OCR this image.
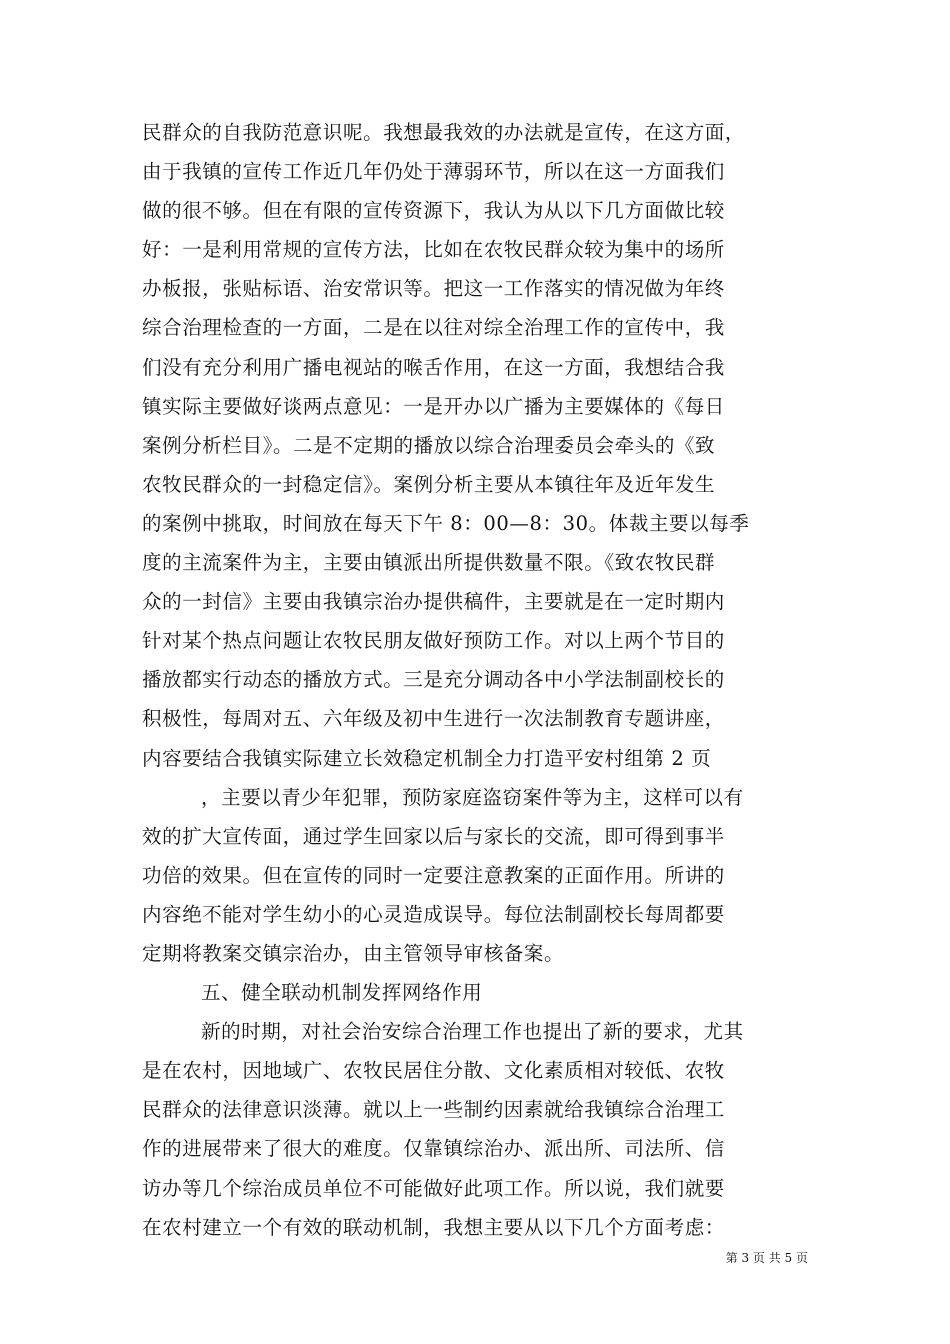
民群众的自我防范意识呢。我想最我效的办法就是宣传，在这方面，
由于我镇的宣传工作近几年仍处于薄弱环节，所以在这一方面我们
做的很不够。但在有限的宣传资源下，我认为从以下几方面做比较
好：一是利用常规的宣传方法，比如在农牧民群众较为集中的场所
办板报，张贴标语、治安常识等。把这一工作落实的情况做为年终
综合治理检查的一方面，二是在以往对综全治理工作的宣传中，我
们没有充分利用广播电视站的喉舌作用，在这一方面，我想结合我
镇实际主要做好谈两点意见：一是开办以广播为主要媒体的《每日
案例分析栏目》。二是不定期的播放以综合治理委员会牵头的《致
农牧民群众的一封稳定信》。案例分析主要从本镇往年及近年发生
的案例中挑取，时间放在每天下午 8：00—8：30。体裁主要以每季
度的主流案件为主，主要由镇派出所提供数量不限。《致农牧民群
众的一封信》主要由我镇宗治办提供稿件，主要就是在一定时期内
针对某个热点问题让农牧民朋友做好预防工作。对以上两个节目的
播放都实行动态的播放方式。三是充分调动各中小学法制副校长的
积极性，每周对五、六年级及初中生进行一次法制教育专题讲座，
内容要结合我镇实际建立长效稳定机制全力打造平安村组第 2 页
，主要以青少年犯罪，预防家庭盗窃案件等为主，这样可以有
效的扩大宣传面，通过学生回家以后与家长的交流，即可得到事半
功倍的效果。但在宣传的同时一定要注意教案的正面作用。所讲的
内容绝不能对学生幼小的心灵造成误导。每位法制副校长每周都要
定期将教案交镇宗治办，由主管领导审核备案。
五、健全联动机制发挥网络作用
新的时期，对社会治安综合治理工作也提出了新的要求，尤其
是在农村，因地域广、农牧民居住分散、文化素质相对较低、农牧
民群众的法律意识淡薄。就以上一些制约因素就给我镇综合治理工
作的进展带来了很大的难度。仅靠镇综治办、派出所、司法所、信
访办等几个综治成员单位不可能做好此项工作。所以说，我们就要
在农村建立一个有效的联动机制，我想主要从以下几个方面考虑：
第 3 页 共 5 页
